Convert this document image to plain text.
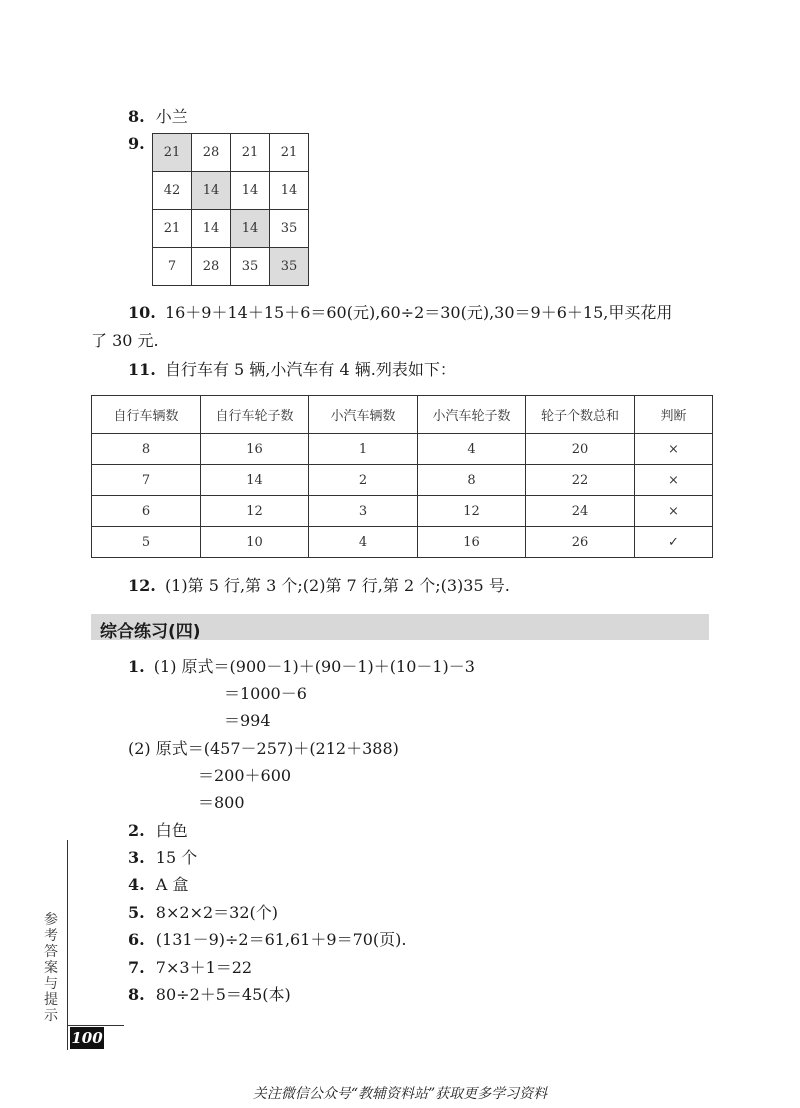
8. 小兰
9. 21	28	21	21
42	14	14	14
21	14	14	35
7	28	35	35
10. 16＋9＋14＋15＋6＝60(元),60÷2＝30(元),30＝9＋6＋15,甲买花用
了 30 元.
11. 自行车有 5 辆,小汽车有 4 辆.列表如下：
自行车辆数	自行车轮子数	小汽车辆数	小汽车轮子数	轮子个数总和	判断
8	16	1	4	20	×
7	14	2	8	22	×
6	12	3	12	24	×
5	10	4	16	26	✓
12. (1)第 5 行,第 3 个;(2)第 7 行,第 2 个;(3)35 号.
综合练习(四)
1. (1) 原式＝(900－1)＋(90－1)＋(10－1)－3
＝1000－6
＝994
(2) 原式＝(457－257)＋(212＋388)
＝200＋600
＝800
2. 白色
3. 15 个
4. A 盒
5. 8×2×2＝32(个)
6. (131－9)÷2＝61,61＋9＝70(页).
7. 7×3＋1＝22
8. 80÷2＋5＝45(本)
参考答案与提示
100
关注微信公众号“教辅资料站”获取更多学习资料
